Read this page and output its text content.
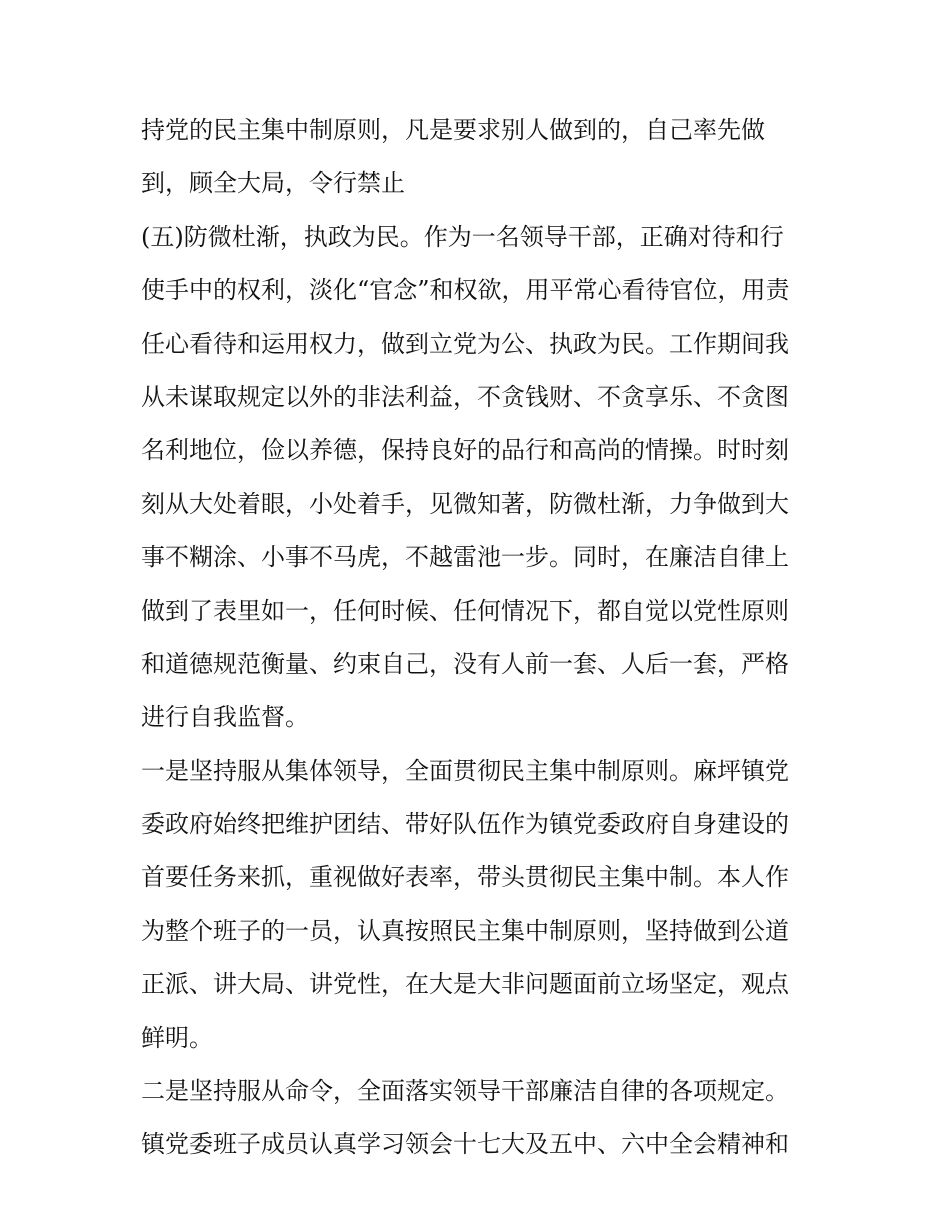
持党的民主集中制原则，凡是要求别人做到的，自己率先做
到，顾全大局，令行禁止
(五)防微杜渐，执政为民。作为一名领导干部，正确对待和行
使手中的权利，淡化“官念”和权欲，用平常心看待官位，用责
任心看待和运用权力，做到立党为公、执政为民。工作期间我
从未谋取规定以外的非法利益，不贪钱财、不贪享乐、不贪图
名利地位，俭以养德，保持良好的品行和高尚的情操。时时刻
刻从大处着眼，小处着手，见微知著，防微杜渐，力争做到大
事不糊涂、小事不马虎，不越雷池一步。同时，在廉洁自律上
做到了表里如一，任何时候、任何情况下，都自觉以党性原则
和道德规范衡量、约束自己，没有人前一套、人后一套，严格
进行自我监督。
一是坚持服从集体领导，全面贯彻民主集中制原则。麻坪镇党
委政府始终把维护团结、带好队伍作为镇党委政府自身建设的
首要任务来抓，重视做好表率，带头贯彻民主集中制。本人作
为整个班子的一员，认真按照民主集中制原则，坚持做到公道
正派、讲大局、讲党性，在大是大非问题面前立场坚定，观点
鲜明。
二是坚持服从命令，全面落实领导干部廉洁自律的各项规定。
镇党委班子成员认真学习领会十七大及五中、六中全会精神和
